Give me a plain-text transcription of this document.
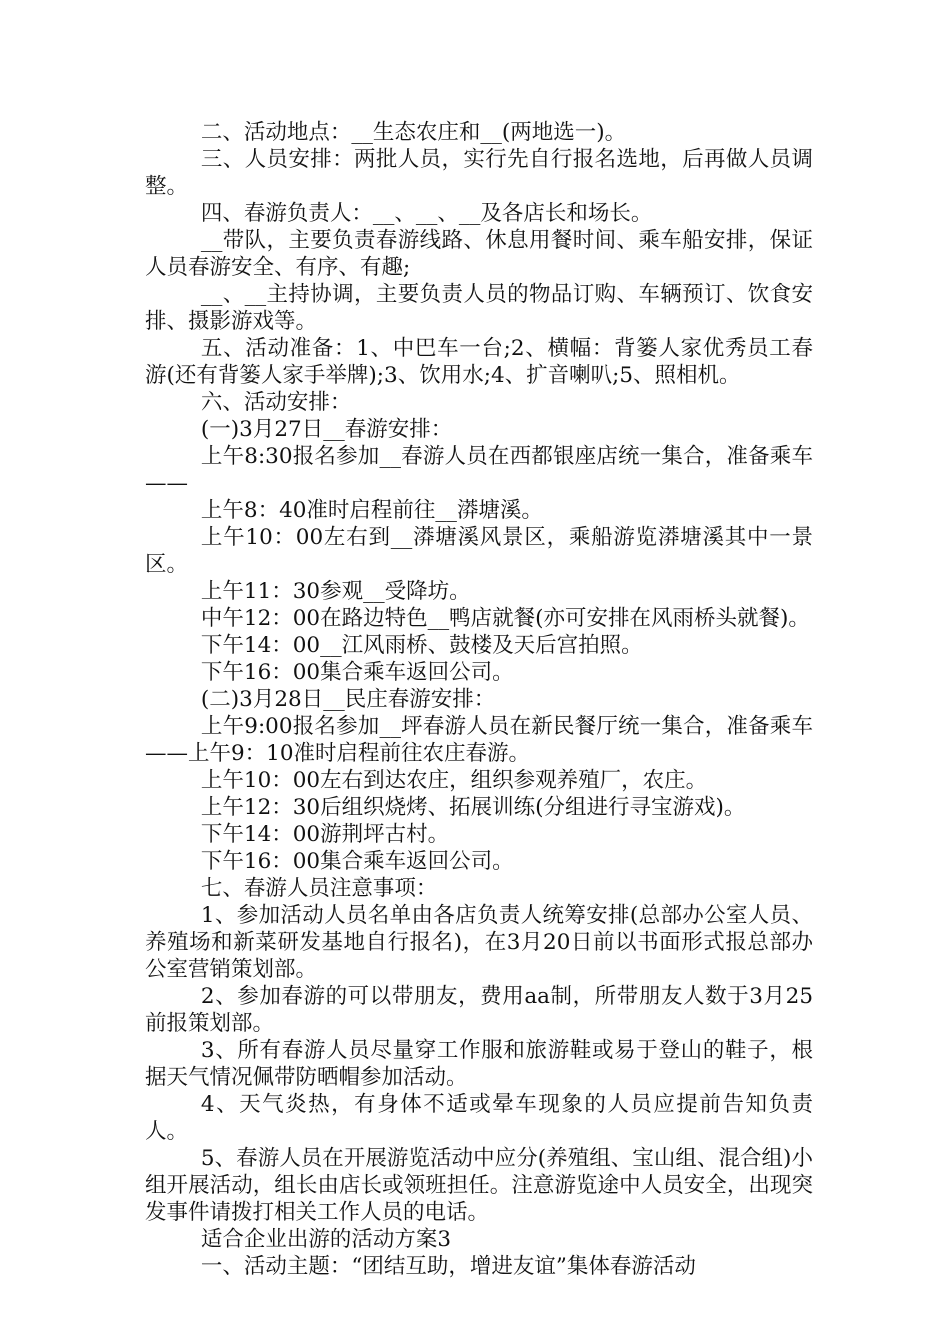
二、活动地点：__生态农庄和__(两地选一)。

三、人员安排：两批人员，实行先自行报名选地，后再做人员调整。

四、春游负责人：__、__、__及各店长和场长。

__带队，主要负责春游线路、休息用餐时间、乘车船安排，保证人员春游安全、有序、有趣;

__、__主持协调，主要负责人员的物品订购、车辆预订、饮食安排、摄影游戏等。

五、活动准备：1、中巴车一台;2、横幅：背篓人家优秀员工春游(还有背篓人家手举牌);3、饮用水;4、扩音喇叭;5、照相机。

六、活动安排：

(一)3月27日__春游安排：

上午8:30报名参加__春游人员在西都银座店统一集合，准备乘车——

上午8：40准时启程前往__漭塘溪。

上午10：00左右到__漭塘溪风景区，乘船游览漭塘溪其中一景区。

上午11：30参观__受降坊。

中午12：00在路边特色__鸭店就餐(亦可安排在风雨桥头就餐)。

下午14：00__江风雨桥、鼓楼及天后宫拍照。

下午16：00集合乘车返回公司。

(二)3月28日__民庄春游安排：

上午9:00报名参加__坪春游人员在新民餐厅统一集合，准备乘车——上午9：10准时启程前往农庄春游。

上午10：00左右到达农庄，组织参观养殖厂，农庄。

上午12：30后组织烧烤、拓展训练(分组进行寻宝游戏)。

下午14：00游荆坪古村。

下午16：00集合乘车返回公司。

七、春游人员注意事项：

1、参加活动人员名单由各店负责人统筹安排(总部办公室人员、养殖场和新菜研发基地自行报名)，在3月20日前以书面形式报总部办公室营销策划部。

2、参加春游的可以带朋友，费用aa制，所带朋友人数于3月25前报策划部。

3、所有春游人员尽量穿工作服和旅游鞋或易于登山的鞋子，根据天气情况佩带防晒帽参加活动。

4、天气炎热，有身体不适或晕车现象的人员应提前告知负责人。

5、春游人员在开展游览活动中应分(养殖组、宝山组、混合组)小组开展活动，组长由店长或领班担任。注意游览途中人员安全，出现突发事件请拨打相关工作人员的电话。

适合企业出游的活动方案3

一、活动主题：“团结互助，增进友谊”集体春游活动
